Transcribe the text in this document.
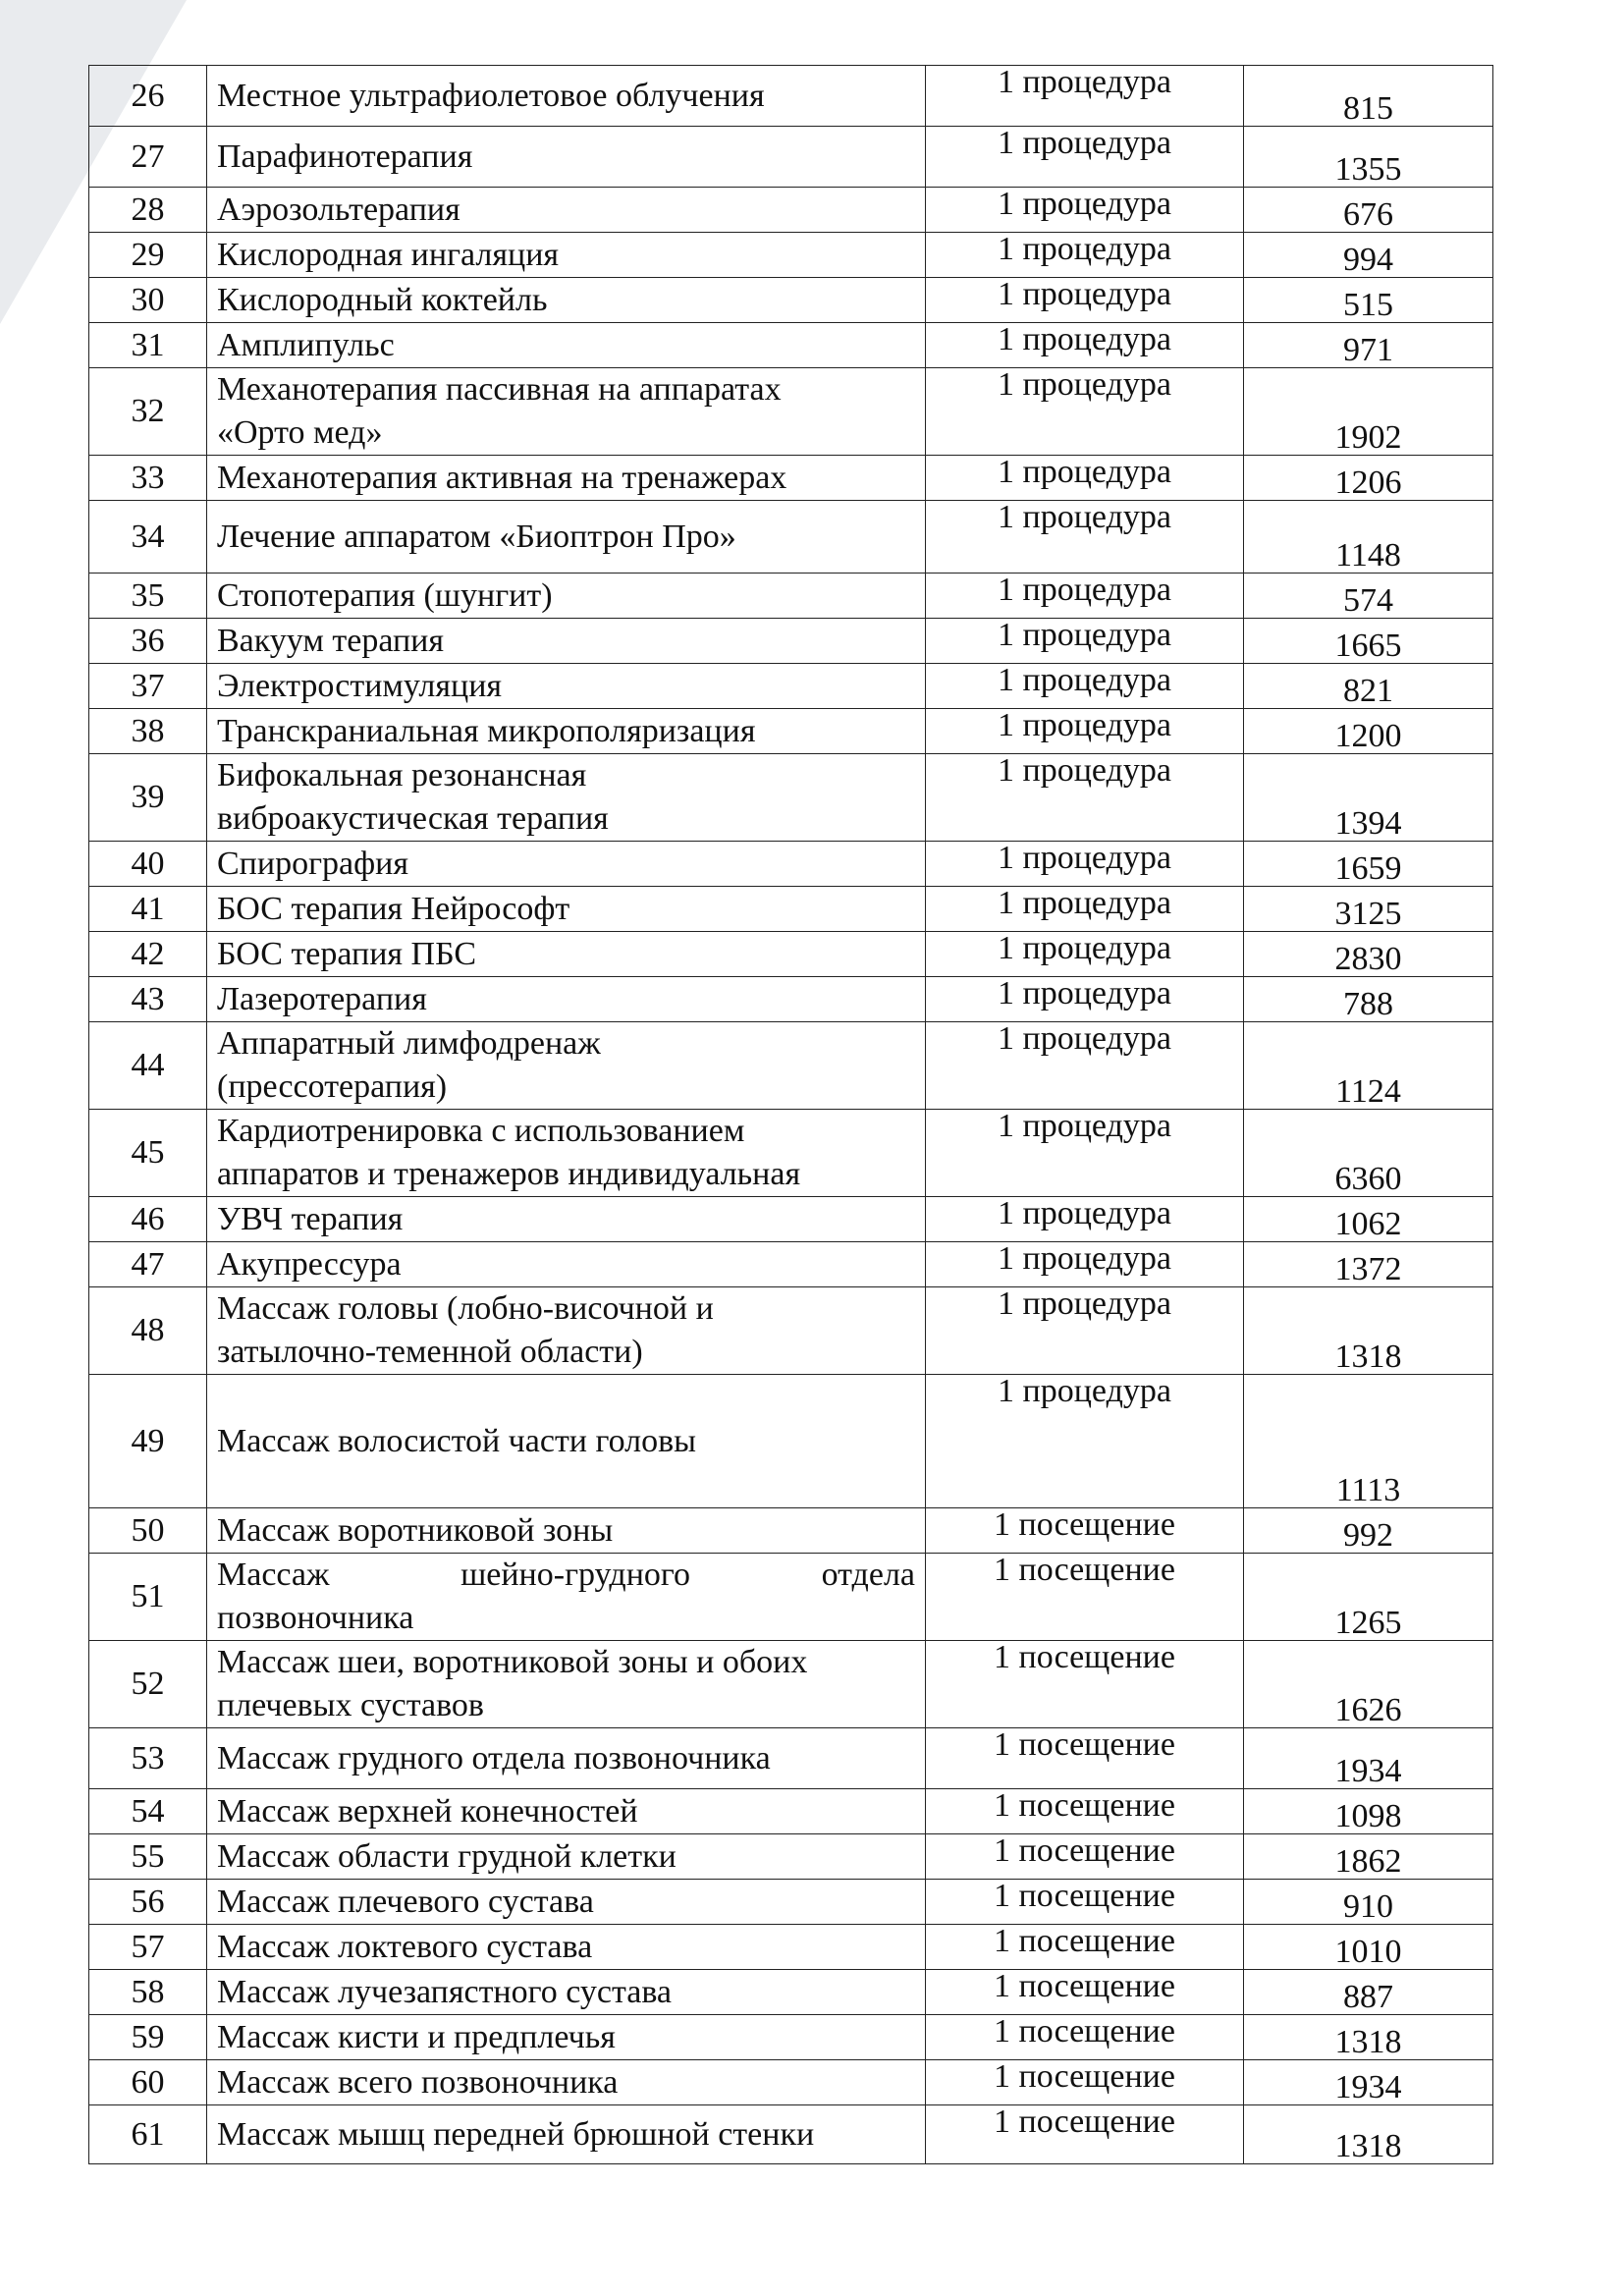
26	Местное ультрафиолетовое облучения	1 процедура	815
27	Парафинотерапия	1 процедура	1355
28	Аэрозольтерапия	1 процедура	676
29	Кислородная ингаляция	1 процедура	994
30	Кислородный коктейль	1 процедура	515
31	Амплипульс	1 процедура	971
32	Механотерапия пассивная на аппаратах
«Орто мед»	1 процедура	1902
33	Механотерапия активная на тренажерах	1 процедура	1206
34	Лечение аппаратом «Биоптрон Про»	1 процедура	1148
35	Стопотерапия (шунгит)	1 процедура	574
36	Вакуум терапия	1 процедура	1665
37	Электростимуляция	1 процедура	821
38	Транскраниальная микрополяризация	1 процедура	1200
39	Бифокальная резонансная
виброакустическая терапия	1 процедура	1394
40	Спирография	1 процедура	1659
41	БОС терапия Нейрософт	1 процедура	3125
42	БОС терапия ПБС	1 процедура	2830
43	Лазеротерапия	1 процедура	788
44	Аппаратный лимфодренаж
(прессотерапия)	1 процедура	1124
45	Кардиотренировка с использованием
аппаратов и тренажеров индивидуальная	1 процедура	6360
46	УВЧ терапия	1 процедура	1062
47	Акупрессура	1 процедура	1372
48	Массаж головы (лобно-височной и
затылочно-теменной области)	1 процедура	1318
49	Массаж волосистой части головы	1 процедура	1113
50	Массаж воротниковой зоны	1 посещение	992
51	Массаж шейно-грудного отдела
позвоночника	1 посещение	1265
52	Массаж шеи, воротниковой зоны и обоих
плечевых суставов	1 посещение	1626
53	Массаж грудного отдела позвоночника	1 посещение	1934
54	Массаж верхней конечностей	1 посещение	1098
55	Массаж области грудной клетки	1 посещение	1862
56	Массаж плечевого сустава	1 посещение	910
57	Массаж локтевого сустава	1 посещение	1010
58	Массаж лучезапястного сустава	1 посещение	887
59	Массаж кисти и предплечья	1 посещение	1318
60	Массаж всего позвоночника	1 посещение	1934
61	Массаж мышц передней брюшной стенки	1 посещение	1318
